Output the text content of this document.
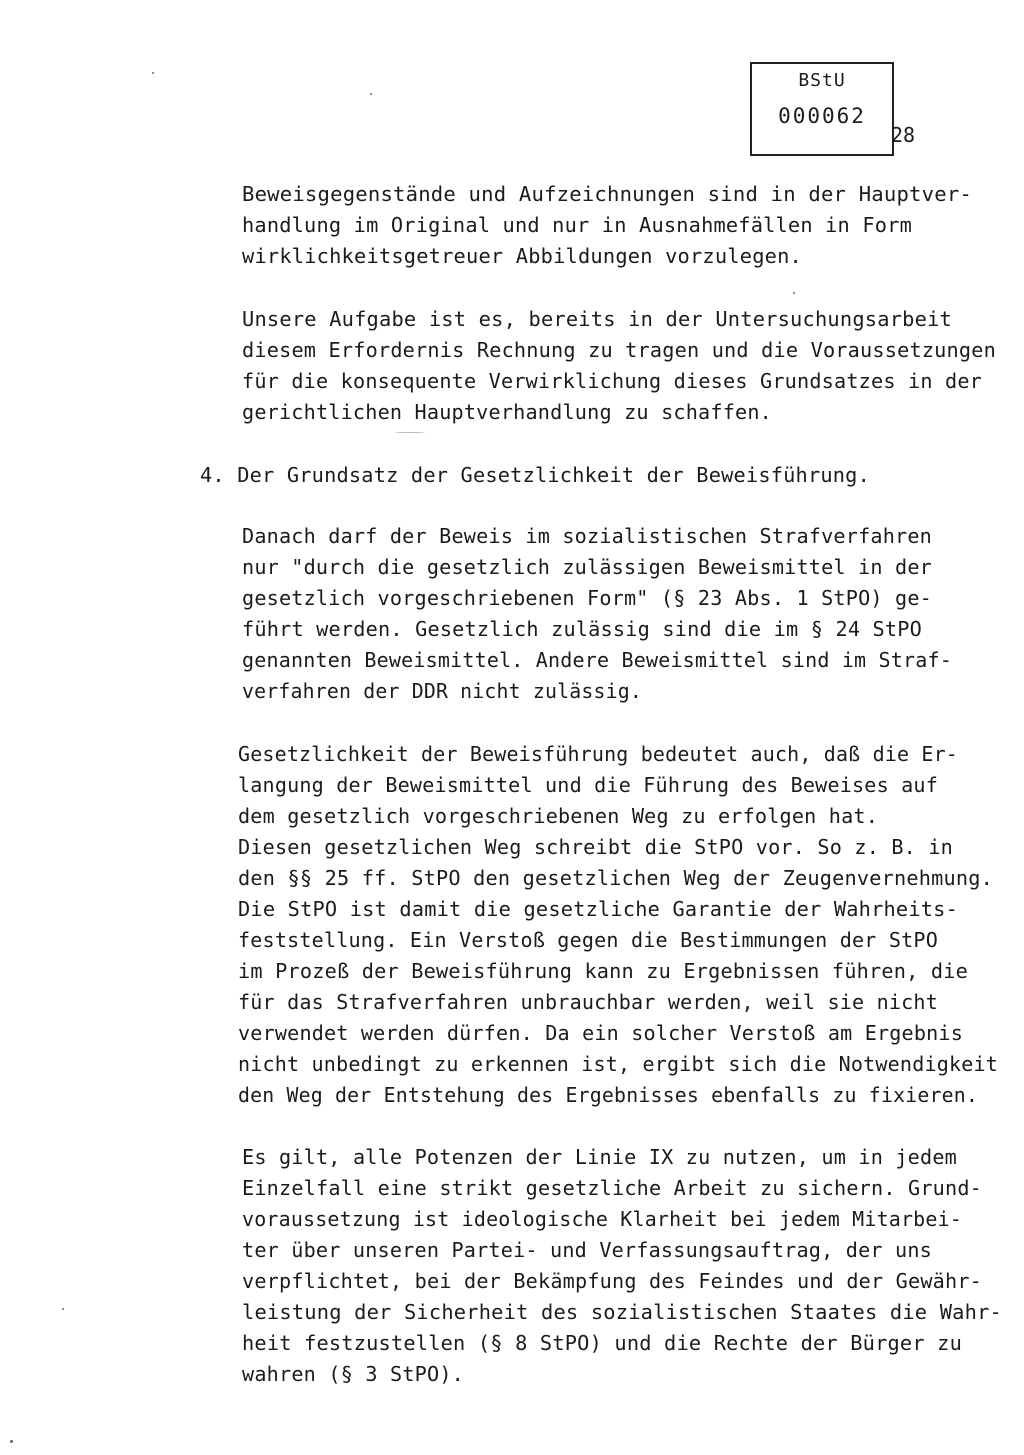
BStU
000062
28
Beweisgegenstände und Aufzeichnungen sind in der Hauptver-
handlung im Original und nur in Ausnahmefällen in Form
wirklichkeitsgetreuer Abbildungen vorzulegen.
Unsere Aufgabe ist es, bereits in der Untersuchungsarbeit
diesem Erfordernis Rechnung zu tragen und die Voraussetzungen
für die konsequente Verwirklichung dieses Grundsatzes in der
gerichtlichen Hauptverhandlung zu schaffen.
4. Der Grundsatz der Gesetzlichkeit der Beweisführung.
Danach darf der Beweis im sozialistischen Strafverfahren
nur "durch die gesetzlich zulässigen Beweismittel in der
gesetzlich vorgeschriebenen Form" (§ 23 Abs. 1 StPO) ge-
führt werden. Gesetzlich zulässig sind die im § 24 StPO
genannten Beweismittel. Andere Beweismittel sind im Straf-
verfahren der DDR nicht zulässig.
Gesetzlichkeit der Beweisführung bedeutet auch, daß die Er-
langung der Beweismittel und die Führung des Beweises auf
dem gesetzlich vorgeschriebenen Weg zu erfolgen hat.
Diesen gesetzlichen Weg schreibt die StPO vor. So z. B. in
den §§ 25 ff. StPO den gesetzlichen Weg der Zeugenvernehmung.
Die StPO ist damit die gesetzliche Garantie der Wahrheits-
feststellung. Ein Verstoß gegen die Bestimmungen der StPO
im Prozeß der Beweisführung kann zu Ergebnissen führen, die
für das Strafverfahren unbrauchbar werden, weil sie nicht
verwendet werden dürfen. Da ein solcher Verstoß am Ergebnis
nicht unbedingt zu erkennen ist, ergibt sich die Notwendigkeit
den Weg der Entstehung des Ergebnisses ebenfalls zu fixieren.
Es gilt, alle Potenzen der Linie IX zu nutzen, um in jedem
Einzelfall eine strikt gesetzliche Arbeit zu sichern. Grund-
voraussetzung ist ideologische Klarheit bei jedem Mitarbei-
ter über unseren Partei- und Verfassungsauftrag, der uns
verpflichtet, bei der Bekämpfung des Feindes und der Gewähr-
leistung der Sicherheit des sozialistischen Staates die Wahr-
heit festzustellen (§ 8 StPO) und die Rechte der Bürger zu
wahren (§ 3 StPO).
